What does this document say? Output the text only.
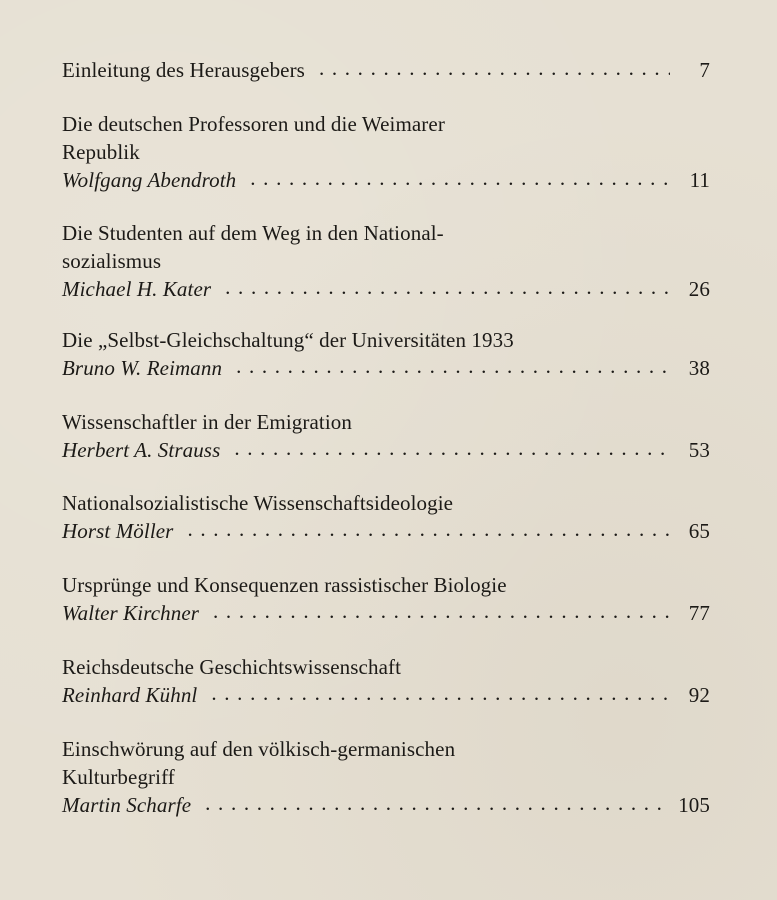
Einleitung des Herausgebers . . .	7
Die deutschen Professoren und die Weimarer
Republik
Wolfgang Abendroth . . .	11
Die Studenten auf dem Weg in den National-
sozialismus
Michael H. Kater . . .	26
Die „Selbst-Gleichschaltung“ der Universitäten 1933
Bruno W. Reimann . . .	38
Wissenschaftler in der Emigration
Herbert A. Strauss . . .	53
Nationalsozialistische Wissenschaftsideologie
Horst Möller . . .	65
Ursprünge und Konsequenzen rassistischer Biologie
Walter Kirchner . . .	77
Reichsdeutsche Geschichtswissenschaft
Reinhard Kühnl . . .	92
Einschwörung auf den völkisch-germanischen
Kulturbegriff
Martin Scharfe . . .	105
